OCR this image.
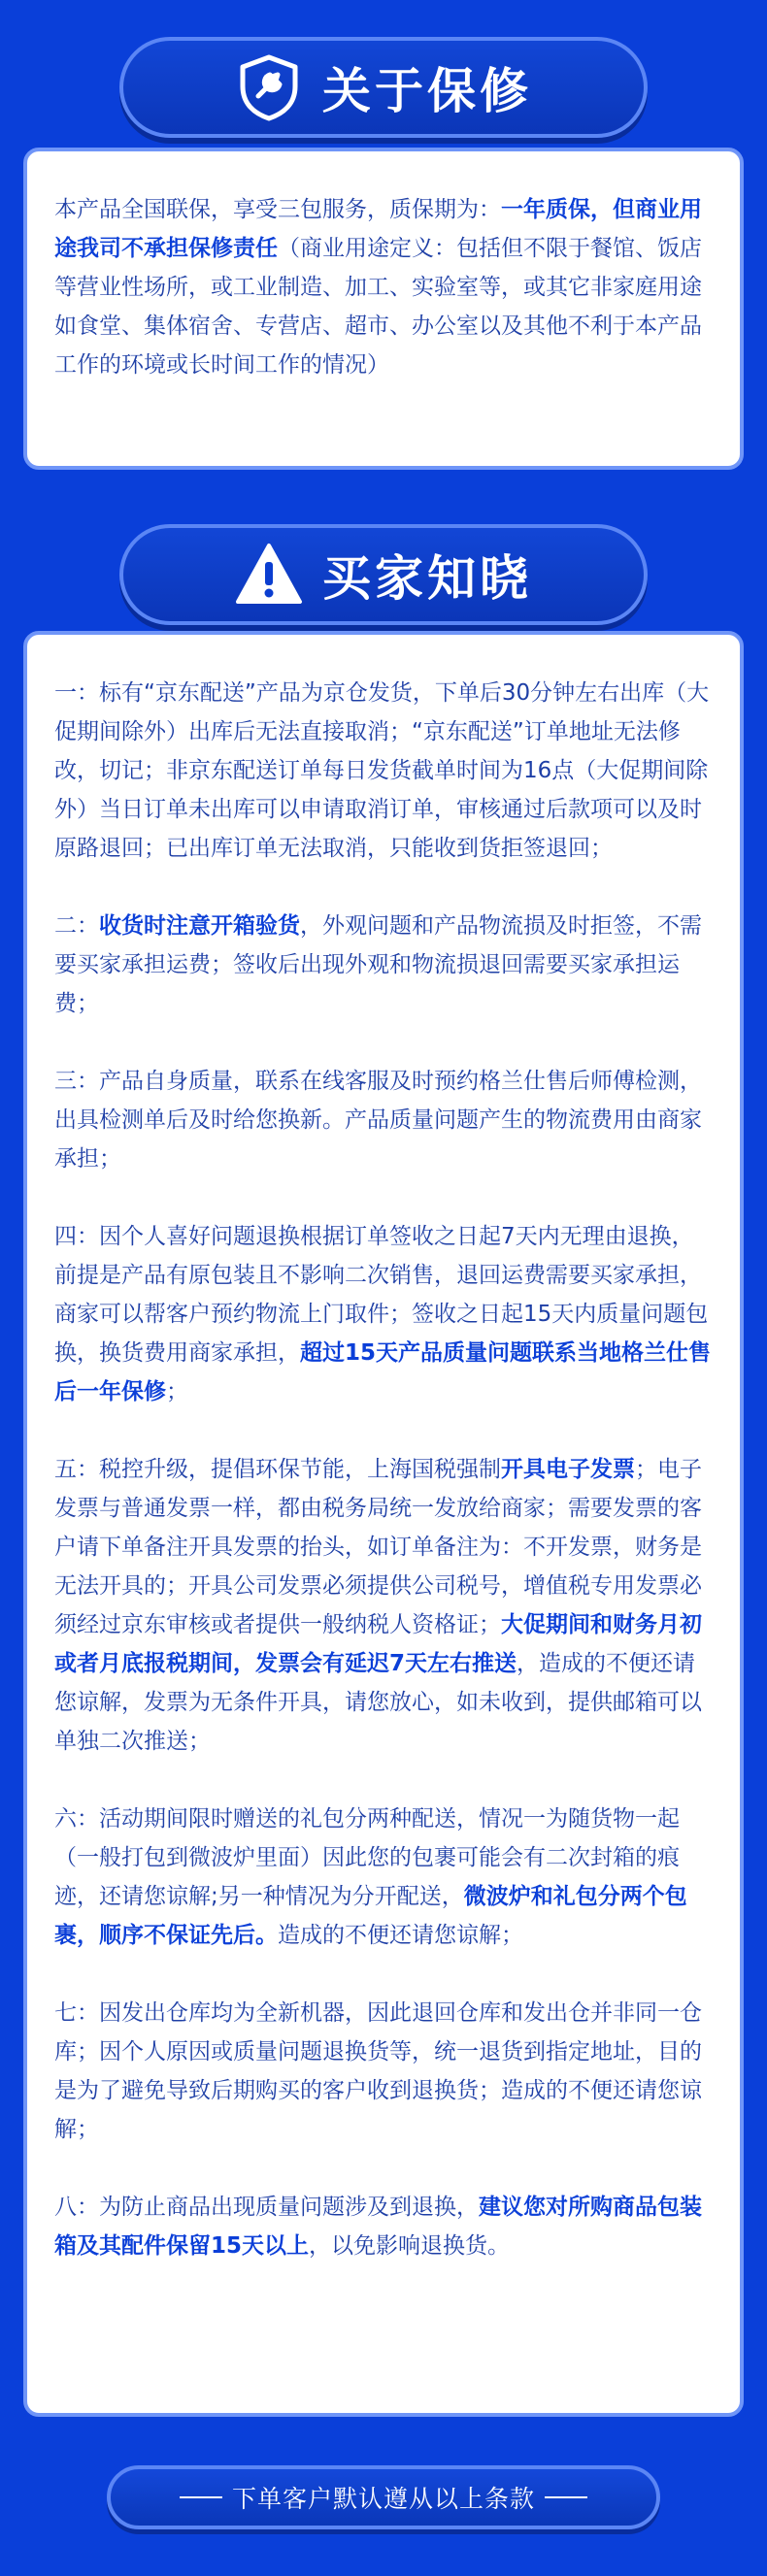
关于保修

本产品全国联保，享受三包服务，质保期为：一年质保，但商业用途我司不承担保修责任（商业用途定义：包括但不限于餐馆、饭店等营业性场所，或工业制造、加工、实验室等，或其它非家庭用途如食堂、集体宿舍、专营店、超市、办公室以及其他不利于本产品工作的环境或长时间工作的情况）

买家知晓

一：标有“京东配送”产品为京仓发货，下单后30分钟左右出库（大促期间除外）出库后无法直接取消；“京东配送”订单地址无法修改，切记；非京东配送订单每日发货截单时间为16点（大促期间除外）当日订单未出库可以申请取消订单，审核通过后款项可以及时原路退回；已出库订单无法取消，只能收到货拒签退回；

二：收货时注意开箱验货，外观问题和产品物流损及时拒签，不需要买家承担运费；签收后出现外观和物流损退回需要买家承担运费；

三：产品自身质量，联系在线客服及时预约格兰仕售后师傅检测，出具检测单后及时给您换新。产品质量问题产生的物流费用由商家承担；

四：因个人喜好问题退换根据订单签收之日起7天内无理由退换，前提是产品有原包装且不影响二次销售，退回运费需要买家承担，商家可以帮客户预约物流上门取件；签收之日起15天内质量问题包换，换货费用商家承担，超过15天产品质量问题联系当地格兰仕售后一年保修；

五：税控升级，提倡环保节能，上海国税强制开具电子发票；电子发票与普通发票一样，都由税务局统一发放给商家；需要发票的客户请下单备注开具发票的抬头，如订单备注为：不开发票，财务是无法开具的；开具公司发票必须提供公司税号，增值税专用发票必须经过京东审核或者提供一般纳税人资格证；大促期间和财务月初或者月底报税期间，发票会有延迟7天左右推送，造成的不便还请您谅解，发票为无条件开具，请您放心，如未收到，提供邮箱可以单独二次推送；

六：活动期间限时赠送的礼包分两种配送，情况一为随货物一起（一般打包到微波炉里面）因此您的包裹可能会有二次封箱的痕迹，还请您谅解;另一种情况为分开配送，微波炉和礼包分两个包裹，顺序不保证先后。造成的不便还请您谅解；

七：因发出仓库均为全新机器，因此退回仓库和发出仓并非同一仓库；因个人原因或质量问题退换货等，统一退货到指定地址，目的是为了避免导致后期购买的客户收到退换货；造成的不便还请您谅解；

八：为防止商品出现质量问题涉及到退换，建议您对所购商品包装箱及其配件保留15天以上，以免影响退换货。

下单客户默认遵从以上条款
